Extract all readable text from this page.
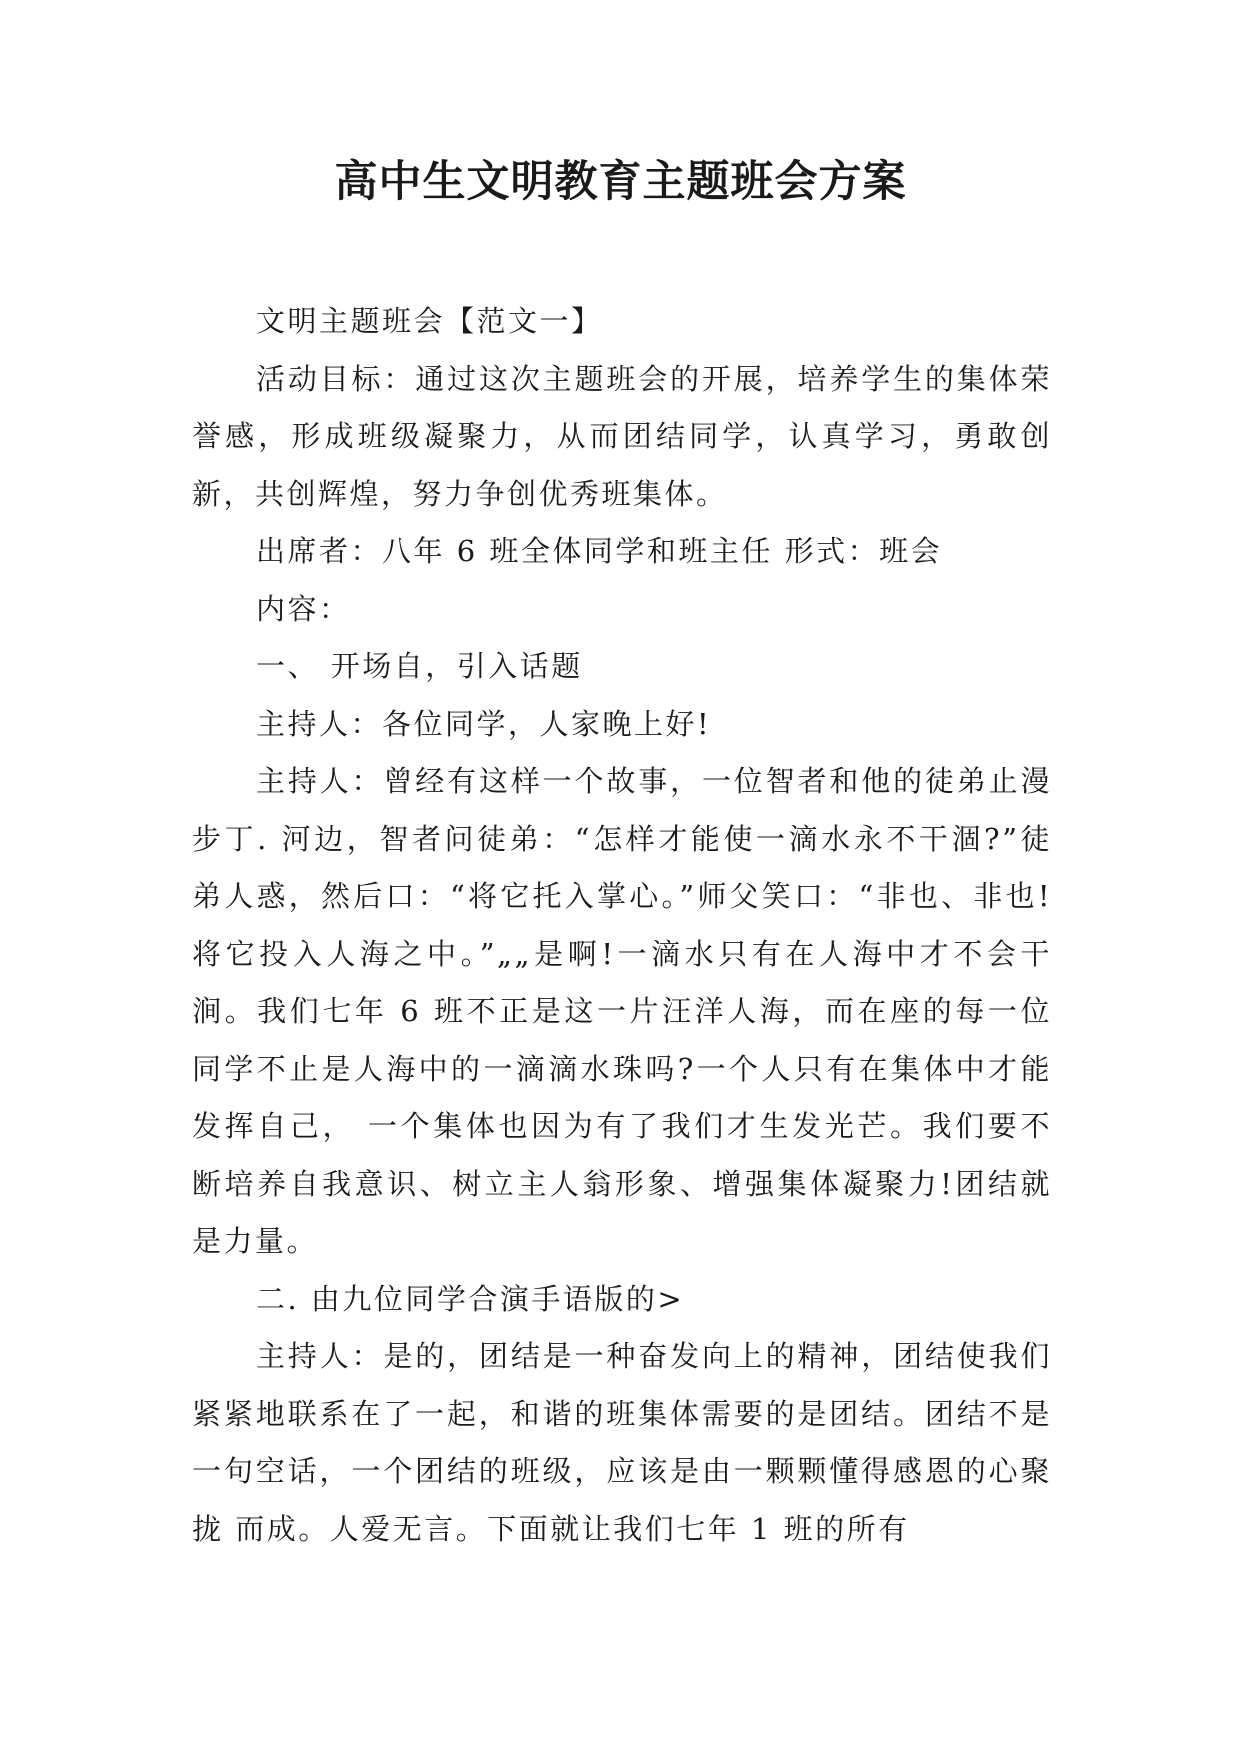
高中生文明教育主题班会方案

文明主题班会【范文一】

活动目标：通过这次主题班会的开展，培养学生的集体荣誉感，形成班级凝聚力，从而团结同学，认真学习，勇敢创新，共创辉煌，努力争创优秀班集体。

出席者：八年 6 班全体同学和班主任 形式：班会

内容：

一、 开场自，引入话题

主持人：各位同学，人家晚上好!

主持人：曾经有这样一个故事，一位智者和他的徒弟止漫步丁. 河边，智者问徒弟：“怎样才能使一滴水永不干涸?”徒弟人惑，然后口：“将它托入掌心。”师父笑口：“非也、非也!将它投入人海之中。”„„是啊!一滴水只有在人海中才不会干涧。我们七年 6 班不正是这一片汪洋人海，而在座的每一位同学不止是人海中的一滴滴水珠吗?一个人只有在集体中才能发挥自己， 一个集体也因为有了我们才生发光芒。我们要不断培养自我意识、树立主人翁形象、增强集体凝聚力!团结就是力量。

二. 由九位同学合演手语版的>

主持人：是的，团结是一种奋发向上的精神，团结使我们紧紧地联系在了一起，和谐的班集体需要的是团结。团结不是一句空话，一个团结的班级，应该是由一颗颗懂得感恩的心聚拢 而成。人爱无言。下面就让我们七年 1 班的所有
